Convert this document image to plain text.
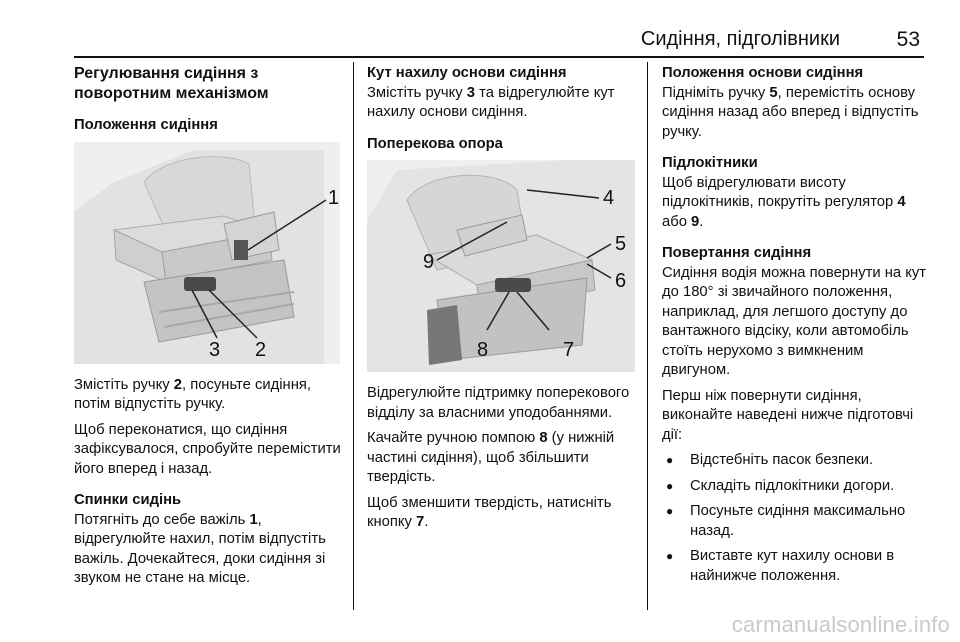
Сидіння, підголівники	53

Регулювання сидіння з поворотним механізмом

Положення сидіння

1
2
3

Змістіть ручку 2, посуньте сидіння, потім відпустіть ручку.

Щоб переконатися, що сидіння зафіксувалося, спробуйте перемістити його вперед і назад.

Спинки сидінь

Потягніть до себе важіль 1, відрегулюйте нахил, потім відпустіть важіль. Дочекайтеся, доки сидіння зі звуком не стане на місце.

Кут нахилу основи сидіння

Змістіть ручку 3 та відрегулюйте кут нахилу основи сидіння.

Поперекова опора

4
5
6
7
8
9

Відрегулюйте підтримку поперекового відділу за власними уподобаннями.

Качайте ручною помпою 8 (у нижній частині сидіння), щоб збільшити твердість.

Щоб зменшити твердість, натисніть кнопку 7.

Положення основи сидіння

Підніміть ручку 5, перемістіть основу сидіння назад або вперед і відпустіть ручку.

Підлокітники

Щоб відрегулювати висоту підлокітників, покрутіть регулятор 4 або 9.

Повертання сидіння

Сидіння водія можна повернути на кут до 180° зі звичайного положення, наприклад, для легшого доступу до вантажного відсіку, коли автомобіль стоїть нерухомо з вимкненим двигуном.

Перш ніж повернути сидіння, виконайте наведені нижче підготовчі дії:

● Відстебніть пасок безпеки.
● Складіть підлокітники догори.
● Посуньте сидіння максимально назад.
● Виставте кут нахилу основи в найнижче положення.
carmanualsonline.info
